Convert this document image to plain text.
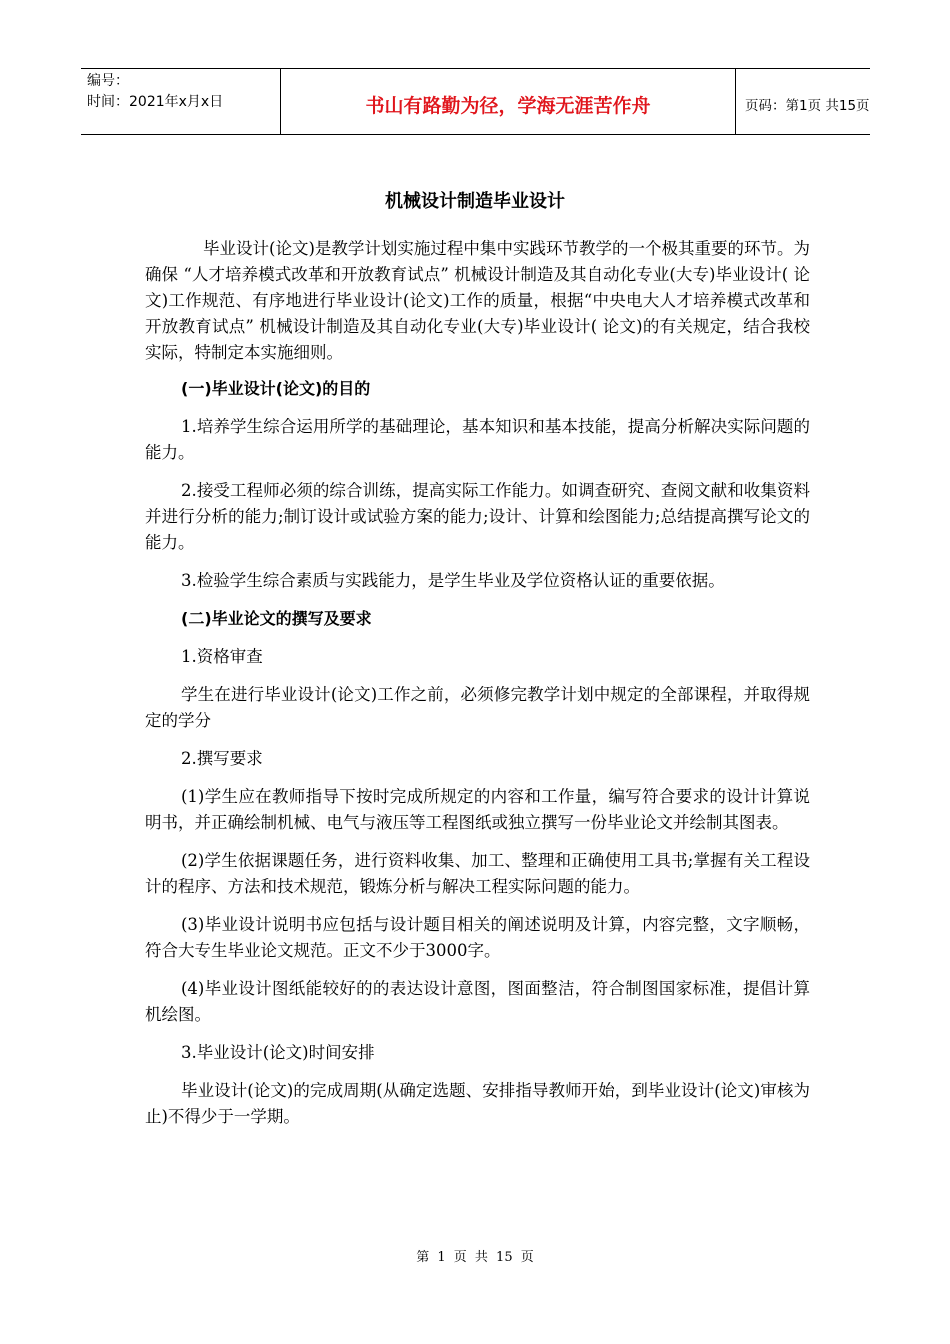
编号：
时间：2021年x月x日	书山有路勤为径，学海无涯苦作舟	页码：第1页 共15页
机械设计制造毕业设计

毕业设计(论文)是教学计划实施过程中集中实践环节教学的一个极其重要的环节。为确保 “人才培养模式改革和开放教育试点” 机械设计制造及其自动化专业(大专)毕业设计( 论文)工作规范、有序地进行毕业设计(论文)工作的质量，根据“中央电大人才培养模式改革和开放教育试点” 机械设计制造及其自动化专业(大专)毕业设计( 论文)的有关规定，结合我校实际，特制定本实施细则。

(一)毕业设计(论文)的目的

1.培养学生综合运用所学的基础理论，基本知识和基本技能，提高分析解决实际问题的能力。

2.接受工程师必须的综合训练，提高实际工作能力。如调查研究、查阅文献和收集资料并进行分析的能力;制订设计或试验方案的能力;设计、计算和绘图能力;总结提高撰写论文的能力。

3.检验学生综合素质与实践能力，是学生毕业及学位资格认证的重要依据。

(二)毕业论文的撰写及要求

1.资格审查

学生在进行毕业设计(论文)工作之前，必须修完教学计划中规定的全部课程，并取得规定的学分

2.撰写要求

(1)学生应在教师指导下按时完成所规定的内容和工作量，编写符合要求的设计计算说明书，并正确绘制机械、电气与液压等工程图纸或独立撰写一份毕业论文并绘制其图表。

(2)学生依据课题任务，进行资料收集、加工、整理和正确使用工具书;掌握有关工程设计的程序、方法和技术规范，锻炼分析与解决工程实际问题的能力。

(3)毕业设计说明书应包括与设计题目相关的阐述说明及计算，内容完整，文字顺畅，符合大专生毕业论文规范。正文不少于3000字。

(4)毕业设计图纸能较好的的表达设计意图，图面整洁，符合制图国家标准，提倡计算机绘图。

3.毕业设计(论文)时间安排

毕业设计(论文)的完成周期(从确定选题、安排指导教师开始，到毕业设计(论文)审核为止)不得少于一学期。

第 1 页 共 15 页
